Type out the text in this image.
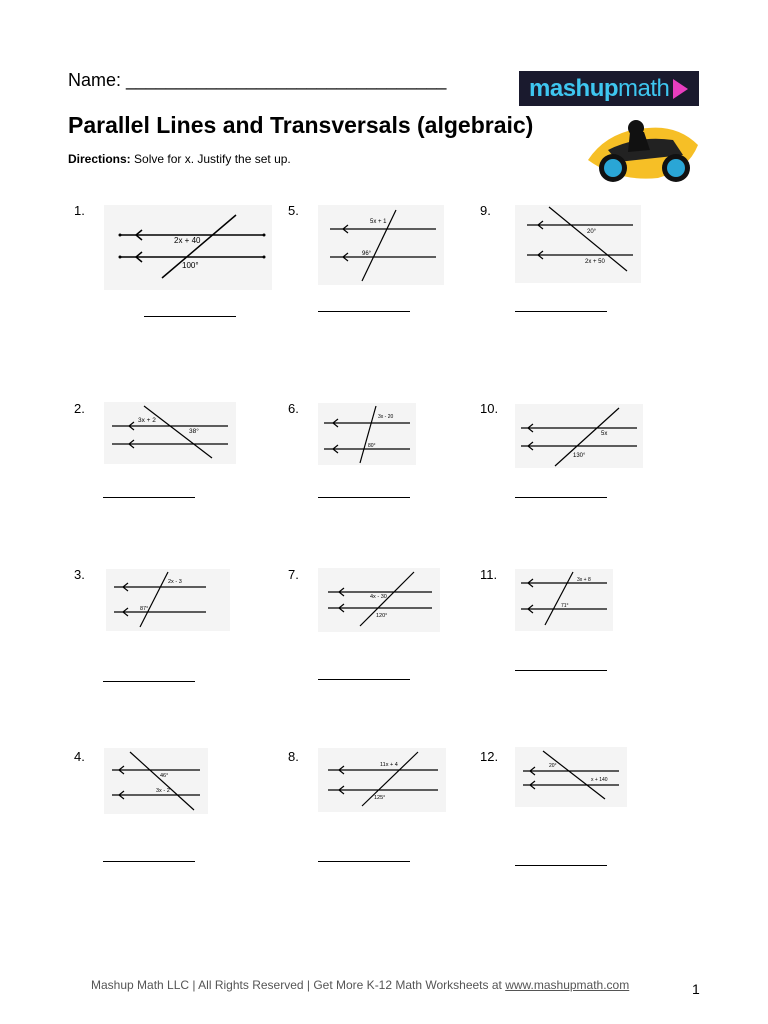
Name: ________________________________	mashup math
Parallel Lines and Transversals (algebraic)
Directions: Solve for x. Justify the set up.
1.
2x + 40
100°
2.
3x + 2
38°
3.	2x - 3
87°
4.
46°
3x - 2
5.
5x + 1
96°
6.
3x - 20
80°
7.
4x - 30
120°
8.
11x + 4
125°
9.
20°
2x + 50
10.
5x
130°
11.	3x + 8
71°
12.
20°
x + 140
Mashup Math LLC | All Rights Reserved | Get More K-12 Math Worksheets at www.mashupmath.com	1
